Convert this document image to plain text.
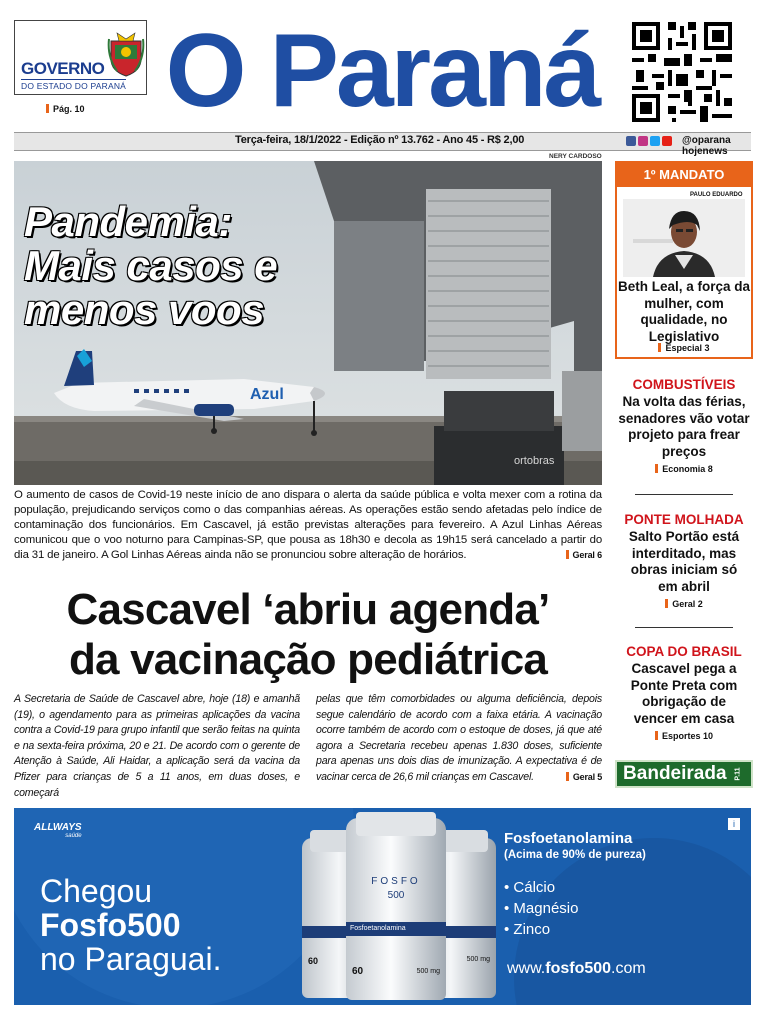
GOVERNO
DO ESTADO DO PARANÁ
Pág. 10 O Paraná
Terça-feira, 18/1/2022 - Edição nº 13.762 - Ano 45 - R$ 2,00	@oparana hojenews
NERY CARDOSO
ortobras
Azul
Pandemia:
Mais casos e
menos voos
O aumento de casos de Covid-19 neste início de ano dispara o alerta da saúde pública e volta mexer com a rotina da população, prejudicando serviços como o das companhias aéreas. As operações estão sendo afetadas pelo índice de contaminação dos funcionários. Em Cascavel, já estão previstas alterações para fevereiro. A Azul Linhas Aéreas comunicou que o voo noturno para Campinas-SP, que pousa as 18h30 e decola as 19h15 será cancelado a partir do dia 31 de janeiro. A Gol Linhas Aéreas ainda não se pronunciou sobre alteração de horários.	Geral 6
Cascavel ‘abriu agenda’
da vacinação pediátrica
A Secretaria de Saúde de Cascavel abre, hoje (18) e amanhã (19), o agendamento para as primeiras aplicações da vacina contra a Covid-19 para grupo infantil que serão feitas na quinta e na sexta-feira próxima, 20 e 21. De acordo com o gerente de Atenção à Saúde, Ali Haidar, a aplicação será da vacina da Pfizer para crianças de 5 a 11 anos, em duas doses, e começará
pelas que têm comorbidades ou alguma deficiência, depois segue calendário de acordo com a faixa etária. A vacinação ocorre também de acordo com o estoque de doses, já que até agora a Secretaria recebeu apenas 1.830 doses, suficiente para apenas uns dois dias de imunização. A expectativa é de vacinar cerca de 26,6 mil crianças em Cascavel.	Geral 5
1º MANDATO
PAULO EDUARDO
Beth Leal, a força da mulher, com qualidade, no Legislativo
Especial 3
COMBUSTÍVEIS
Na volta das férias, senadores vão votar projeto para frear preços
Economia 8
PONTE MOLHADA
Salto Portão está interditado, mas obras iniciam só em abril
Geral 2
COPA DO BRASIL
Cascavel pega a Ponte Preta com obrigação de vencer em casa
Esportes 10
Bandeirada P.11
ALLWAYS
saúde
Chegou
Fosfo500
no Paraguai.	60	500 mg
FOSFO
500
Fosfoetanolamina
60	500 mg
Fosfoetanolamina
(Acima de 90% de pureza)
• Cálcio
• Magnésio
• Zinco
www.fosfo500.com
i
